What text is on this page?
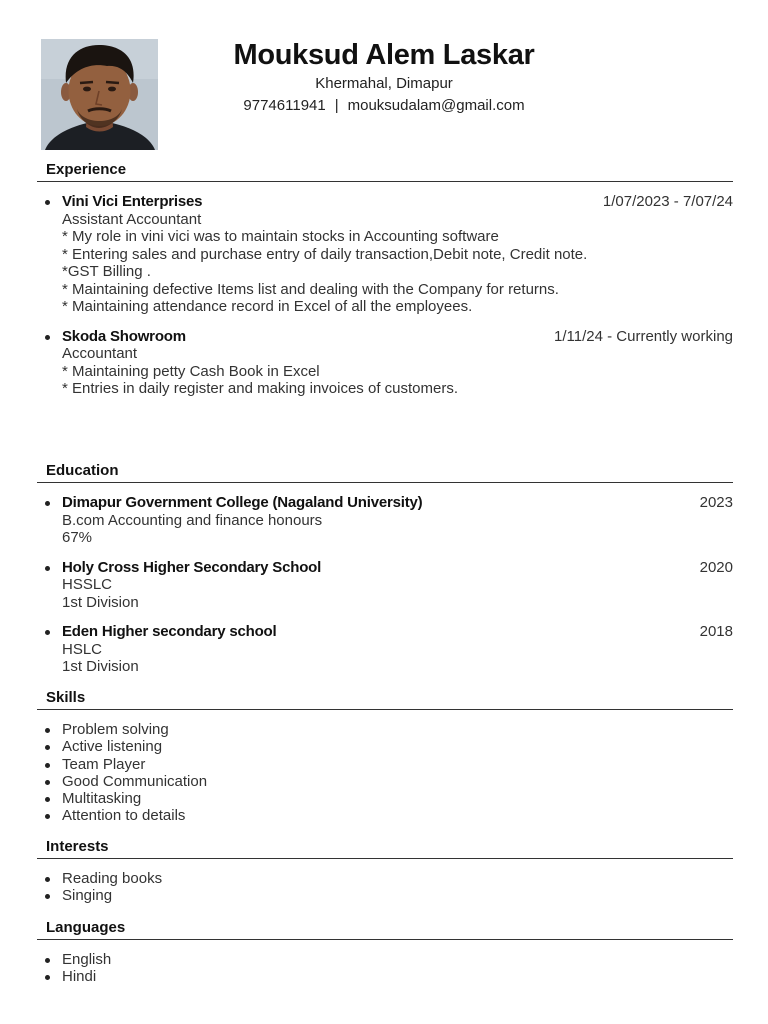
Mouksud Alem Laskar
Khermahal, Dimapur
9774611941 | mouksudalam@gmail.com
Experience
Vini Vici Enterprises	1/07/2023 - 7/07/24
Assistant Accountant
* My role in vini vici was to maintain stocks in Accounting software
* Entering sales and purchase entry of daily transaction,Debit note, Credit note.
*GST Billing .
* Maintaining defective Items list and dealing with the Company for returns.
* Maintaining attendance record in Excel of all the employees.
Skoda Showroom	1/11/24 - Currently working
Accountant
* Maintaining petty Cash Book in Excel
* Entries in daily register and making invoices of customers.
Education
Dimapur Government College (Nagaland University)	2023
B.com Accounting and finance honours
67%
Holy Cross Higher Secondary School	2020
HSSLC
1st Division
Eden Higher secondary school	2018
HSLC
1st Division
Skills
Problem solving
Active listening
Team Player
Good Communication
Multitasking
Attention to details
Interests
Reading books
Singing
Languages
English
Hindi
